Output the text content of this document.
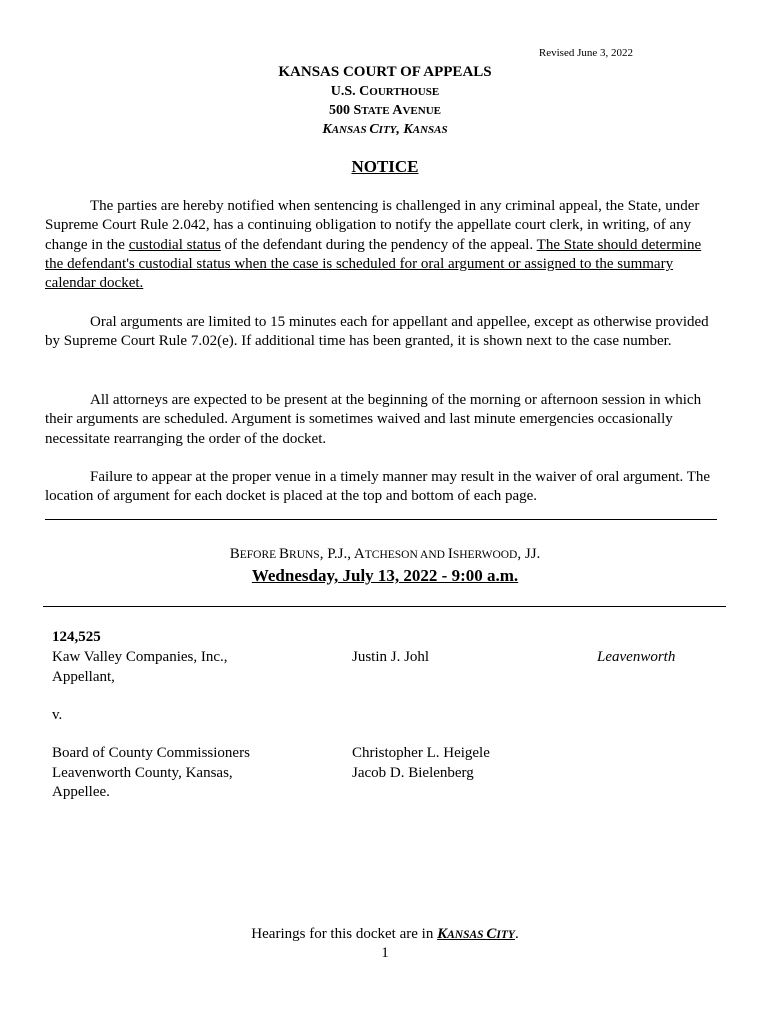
Revised June 3, 2022
KANSAS COURT OF APPEALS
U.S. COURTHOUSE
500 STATE AVENUE
KANSAS CITY, KANSAS
NOTICE
The parties are hereby notified when sentencing is challenged in any criminal appeal, the State, under Supreme Court Rule 2.042, has a continuing obligation to notify the appellate court clerk, in writing, of any change in the custodial status of the defendant during the pendency of the appeal. The State should determine the defendant's custodial status when the case is scheduled for oral argument or assigned to the summary calendar docket.
Oral arguments are limited to 15 minutes each for appellant and appellee, except as otherwise provided by Supreme Court Rule 7.02(e). If additional time has been granted, it is shown next to the case number.
All attorneys are expected to be present at the beginning of the morning or afternoon session in which their arguments are scheduled. Argument is sometimes waived and last minute emergencies occasionally necessitate rearranging the order of the docket.
Failure to appear at the proper venue in a timely manner may result in the waiver of oral argument. The location of argument for each docket is placed at the top and bottom of each page.
BEFORE BRUNS, P.J., ATCHESON AND ISHERWOOD, JJ.
Wednesday, July 13, 2022 - 9:00 a.m.
124,525
Kaw Valley Companies, Inc.,
Appellant,
Justin J. Johl	Leavenworth
v.
Board of County Commissioners
Leavenworth County, Kansas,
Appellee.
Christopher L. Heigele
Jacob D. Bielenberg
Hearings for this docket are in KANSAS CITY.
1
